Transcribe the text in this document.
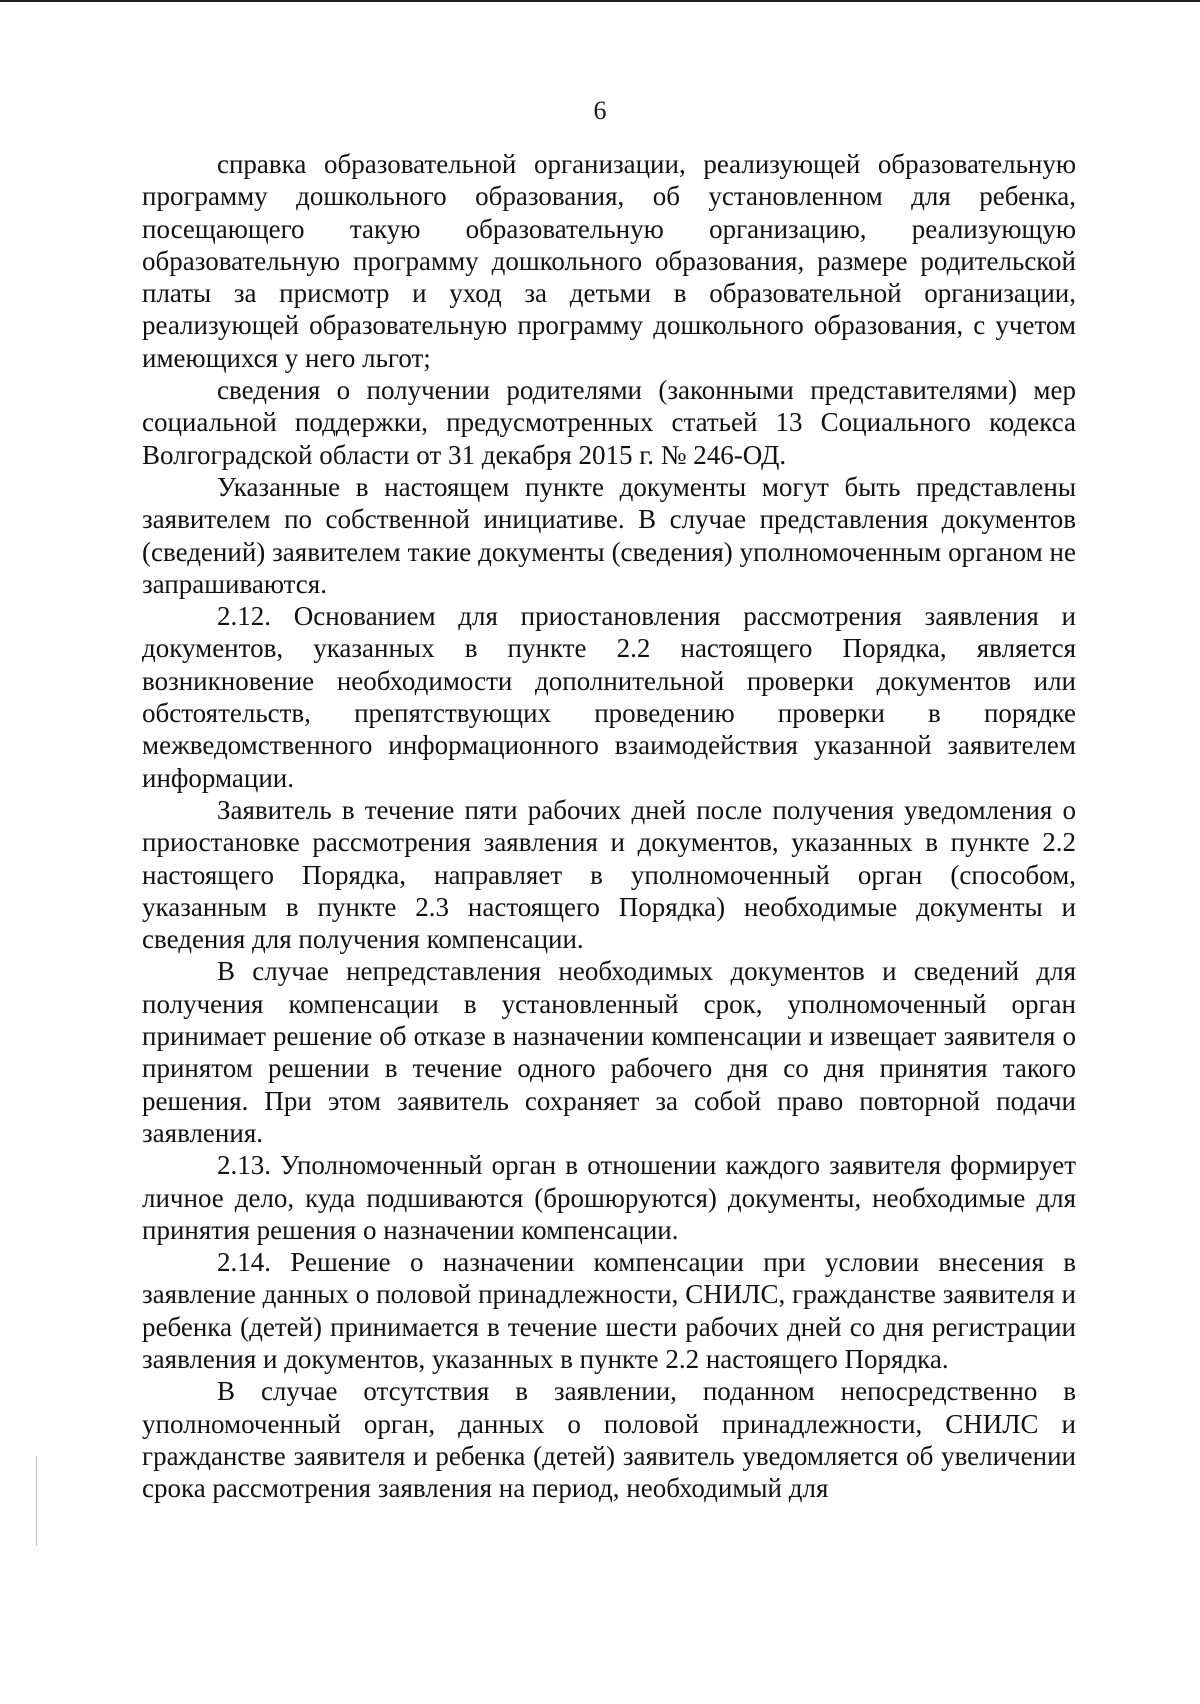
6

справка образовательной организации, реализующей образовательную программу дошкольного образования, об установленном для ребенка, посещающего такую образовательную организацию, реализующую образовательную программу дошкольного образования, размере родительской платы за присмотр и уход за детьми в образовательной организации, реализующей образовательную программу дошкольного образования, с учетом имеющихся у него льгот;

сведения о получении родителями (законными представителями) мер социальной поддержки, предусмотренных статьей 13 Социального кодекса Волгоградской области от 31 декабря 2015 г. № 246-ОД.

Указанные в настоящем пункте документы могут быть представлены заявителем по собственной инициативе. В случае представления документов (сведений) заявителем такие документы (сведения) уполномоченным органом не запрашиваются.

2.12. Основанием для приостановления рассмотрения заявления и документов, указанных в пункте 2.2 настоящего Порядка, является возникновение необходимости дополнительной проверки документов или обстоятельств, препятствующих проведению проверки в порядке межведомственного информационного взаимодействия указанной заявителем информации.

Заявитель в течение пяти рабочих дней после получения уведомления о приостановке рассмотрения заявления и документов, указанных в пункте 2.2 настоящего Порядка, направляет в уполномоченный орган (способом, указанным в пункте 2.3 настоящего Порядка) необходимые документы и сведения для получения компенсации.

В случае непредставления необходимых документов и сведений для получения компенсации в установленный срок, уполномоченный орган принимает решение об отказе в назначении компенсации и извещает заявителя о принятом решении в течение одного рабочего дня со дня принятия такого решения. При этом заявитель сохраняет за собой право повторной подачи заявления.

2.13. Уполномоченный орган в отношении каждого заявителя формирует личное дело, куда подшиваются (брошюруются) документы, необходимые для принятия решения о назначении компенсации.

2.14. Решение о назначении компенсации при условии внесения в заявление данных о половой принадлежности, СНИЛС, гражданстве заявителя и ребенка (детей) принимается в течение шести рабочих дней со дня регистрации заявления и документов, указанных в пункте 2.2 настоящего Порядка.

В случае отсутствия в заявлении, поданном непосредственно в уполномоченный орган, данных о половой принадлежности, СНИЛС и гражданстве заявителя и ребенка (детей) заявитель уведомляется об увеличении срока рассмотрения заявления на период, необходимый для
